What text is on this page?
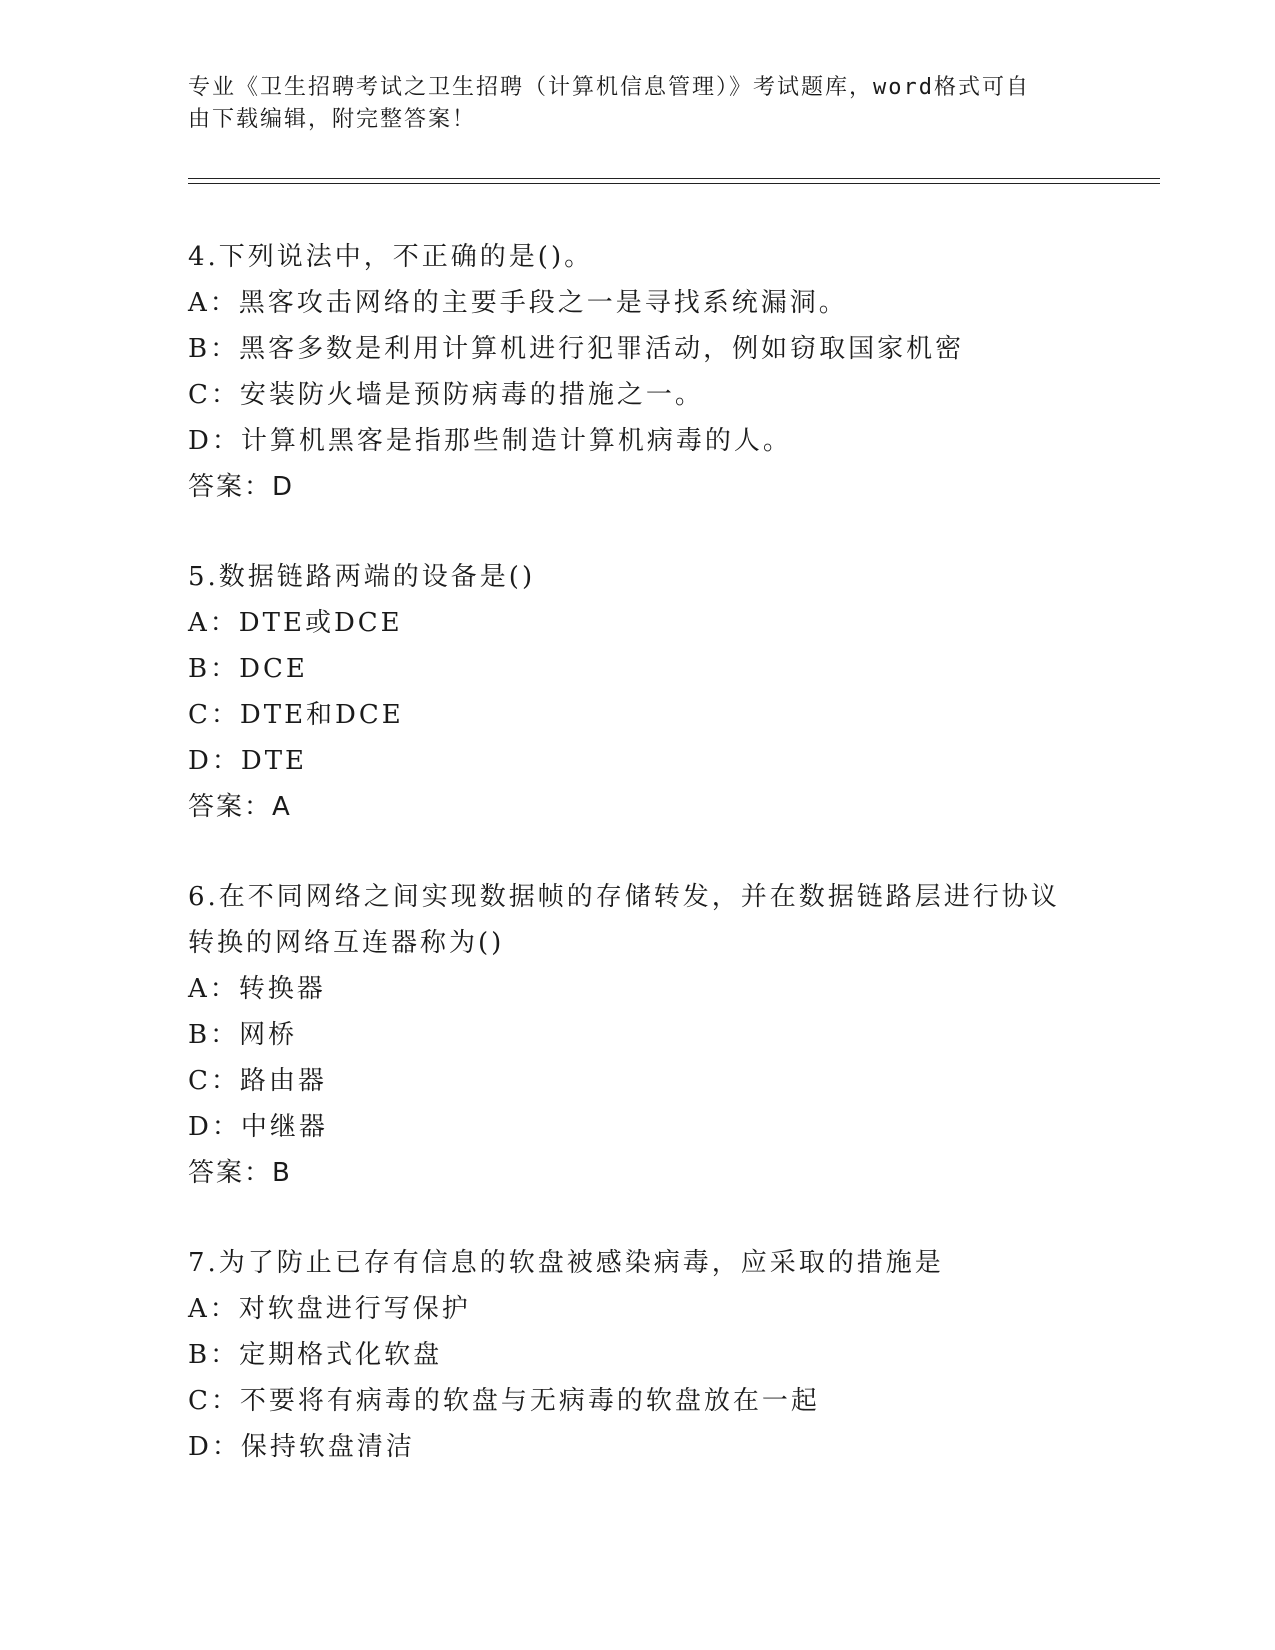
专业《卫生招聘考试之卫生招聘（计算机信息管理）》考试题库，word格式可自
由下载编辑，附完整答案！
4.下列说法中，不正确的是()。
A：黑客攻击网络的主要手段之一是寻找系统漏洞。
B：黑客多数是利用计算机进行犯罪活动，例如窃取国家机密
C：安装防火墙是预防病毒的措施之一。
D：计算机黑客是指那些制造计算机病毒的人。
答案：D
5.数据链路两端的设备是()
A：DTE或DCE
B：DCE
C：DTE和DCE
D：DTE
答案：A
6.在不同网络之间实现数据帧的存储转发，并在数据链路层进行协议
转换的网络互连器称为()
A：转换器
B：网桥
C：路由器
D：中继器
答案：B
7.为了防止已存有信息的软盘被感染病毒，应采取的措施是
A：对软盘进行写保护
B：定期格式化软盘
C：不要将有病毒的软盘与无病毒的软盘放在一起
D：保持软盘清洁
